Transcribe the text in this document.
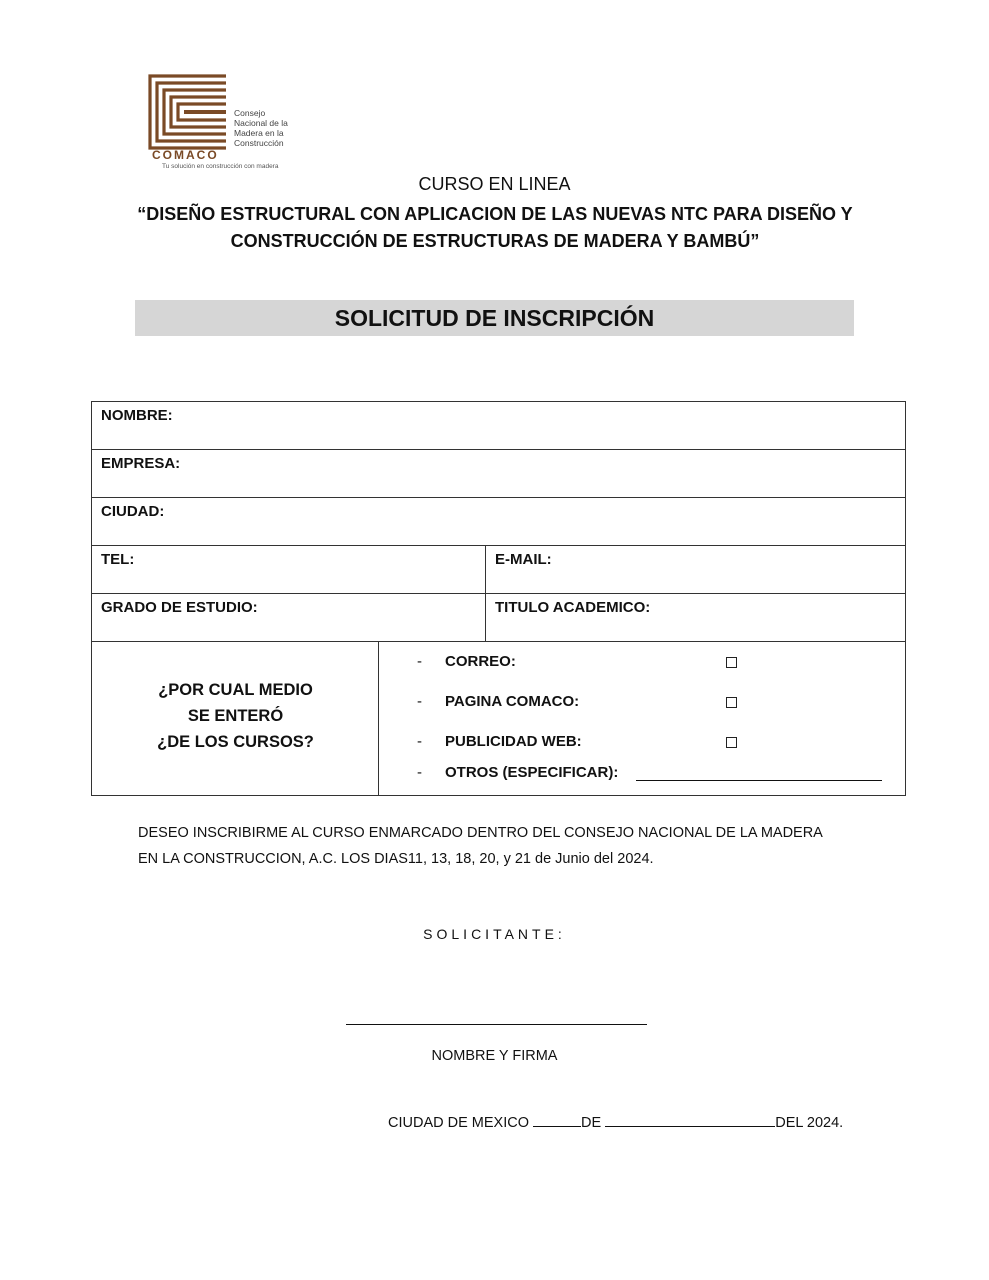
Consejo
Nacional de la
Madera en la
Construcción
COMACO
Tu solución en construcción con madera
CURSO EN LINEA
“DISEÑO ESTRUCTURAL CON APLICACION DE LAS NUEVAS NTC PARA DISEÑO Y CONSTRUCCIÓN DE ESTRUCTURAS DE MADERA Y BAMBÚ”
SOLICITUD DE INSCRIPCIÓN
NOMBRE:
EMPRESA:
CIUDAD:
TEL:	E-MAIL:
GRADO DE ESTUDIO:	TITULO ACADEMICO:
¿POR CUAL MEDIO
SE ENTERÓ
¿DE LOS CURSOS?
- CORREO:
- PAGINA COMACO:
- PUBLICIDAD WEB:
- OTROS (ESPECIFICAR):
DESEO INSCRIBIRME AL CURSO ENMARCADO DENTRO DEL CONSEJO NACIONAL DE LA MADERA
EN LA CONSTRUCCION, A.C. LOS DIAS11, 13, 18, 20, y 21 de Junio del 2024.
SOLICITANTE:
NOMBRE Y FIRMA
CIUDAD DE MEXICO	DE	DEL 2024.
